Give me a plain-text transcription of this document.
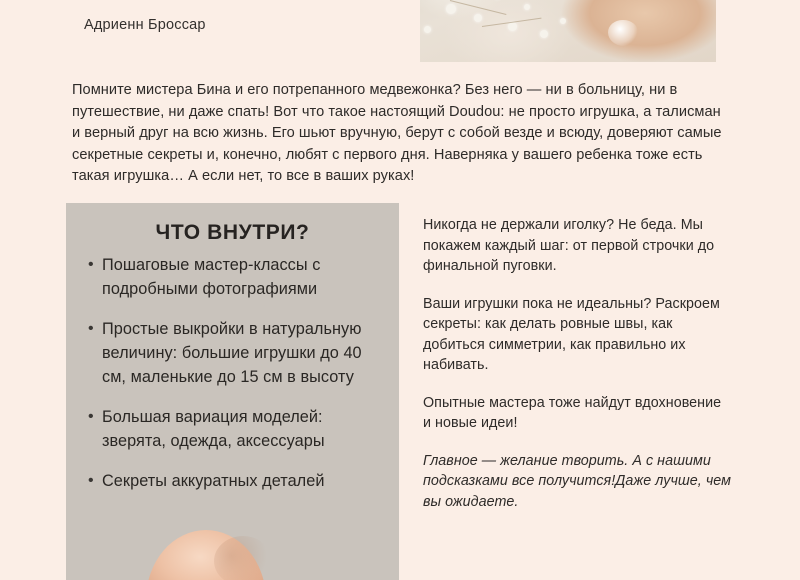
Адриенн Броссар
Помните мистера Бина и его потрепанного медвежонка? Без него — ни в больницу, ни в путешествие, ни даже спать! Вот что такое настоящий Doudou: не просто игрушка, а талисман и верный друг на всю жизнь. Его шьют вручную, берут с собой везде и всюду, доверяют самые секретные секреты и, конечно, любят с первого дня. Наверняка у вашего ребенка тоже есть такая игрушка… А если нет, то все в ваших руках!
ЧТО ВНУТРИ?
• Пошаговые мастер-классы с подробными фотографиями
• Простые выкройки в натуральную величину: большие игрушки до 40 см, маленькие до 15 см в высоту
• Большая вариация моделей: зверята, одежда, аксессуары
• Секреты аккуратных деталей
Никогда не держали иголку? Не беда. Мы покажем каждый шаг: от первой строчки до финальной пуговки.
Ваши игрушки пока не идеальны? Раскроем секреты: как делать ровные швы, как добиться симметрии, как правильно их набивать.
Опытные мастера тоже найдут вдохновение и новые идеи!
Главное — желание творить. А с нашими подсказками все получится!Даже лучше, чем вы ожидаете.
